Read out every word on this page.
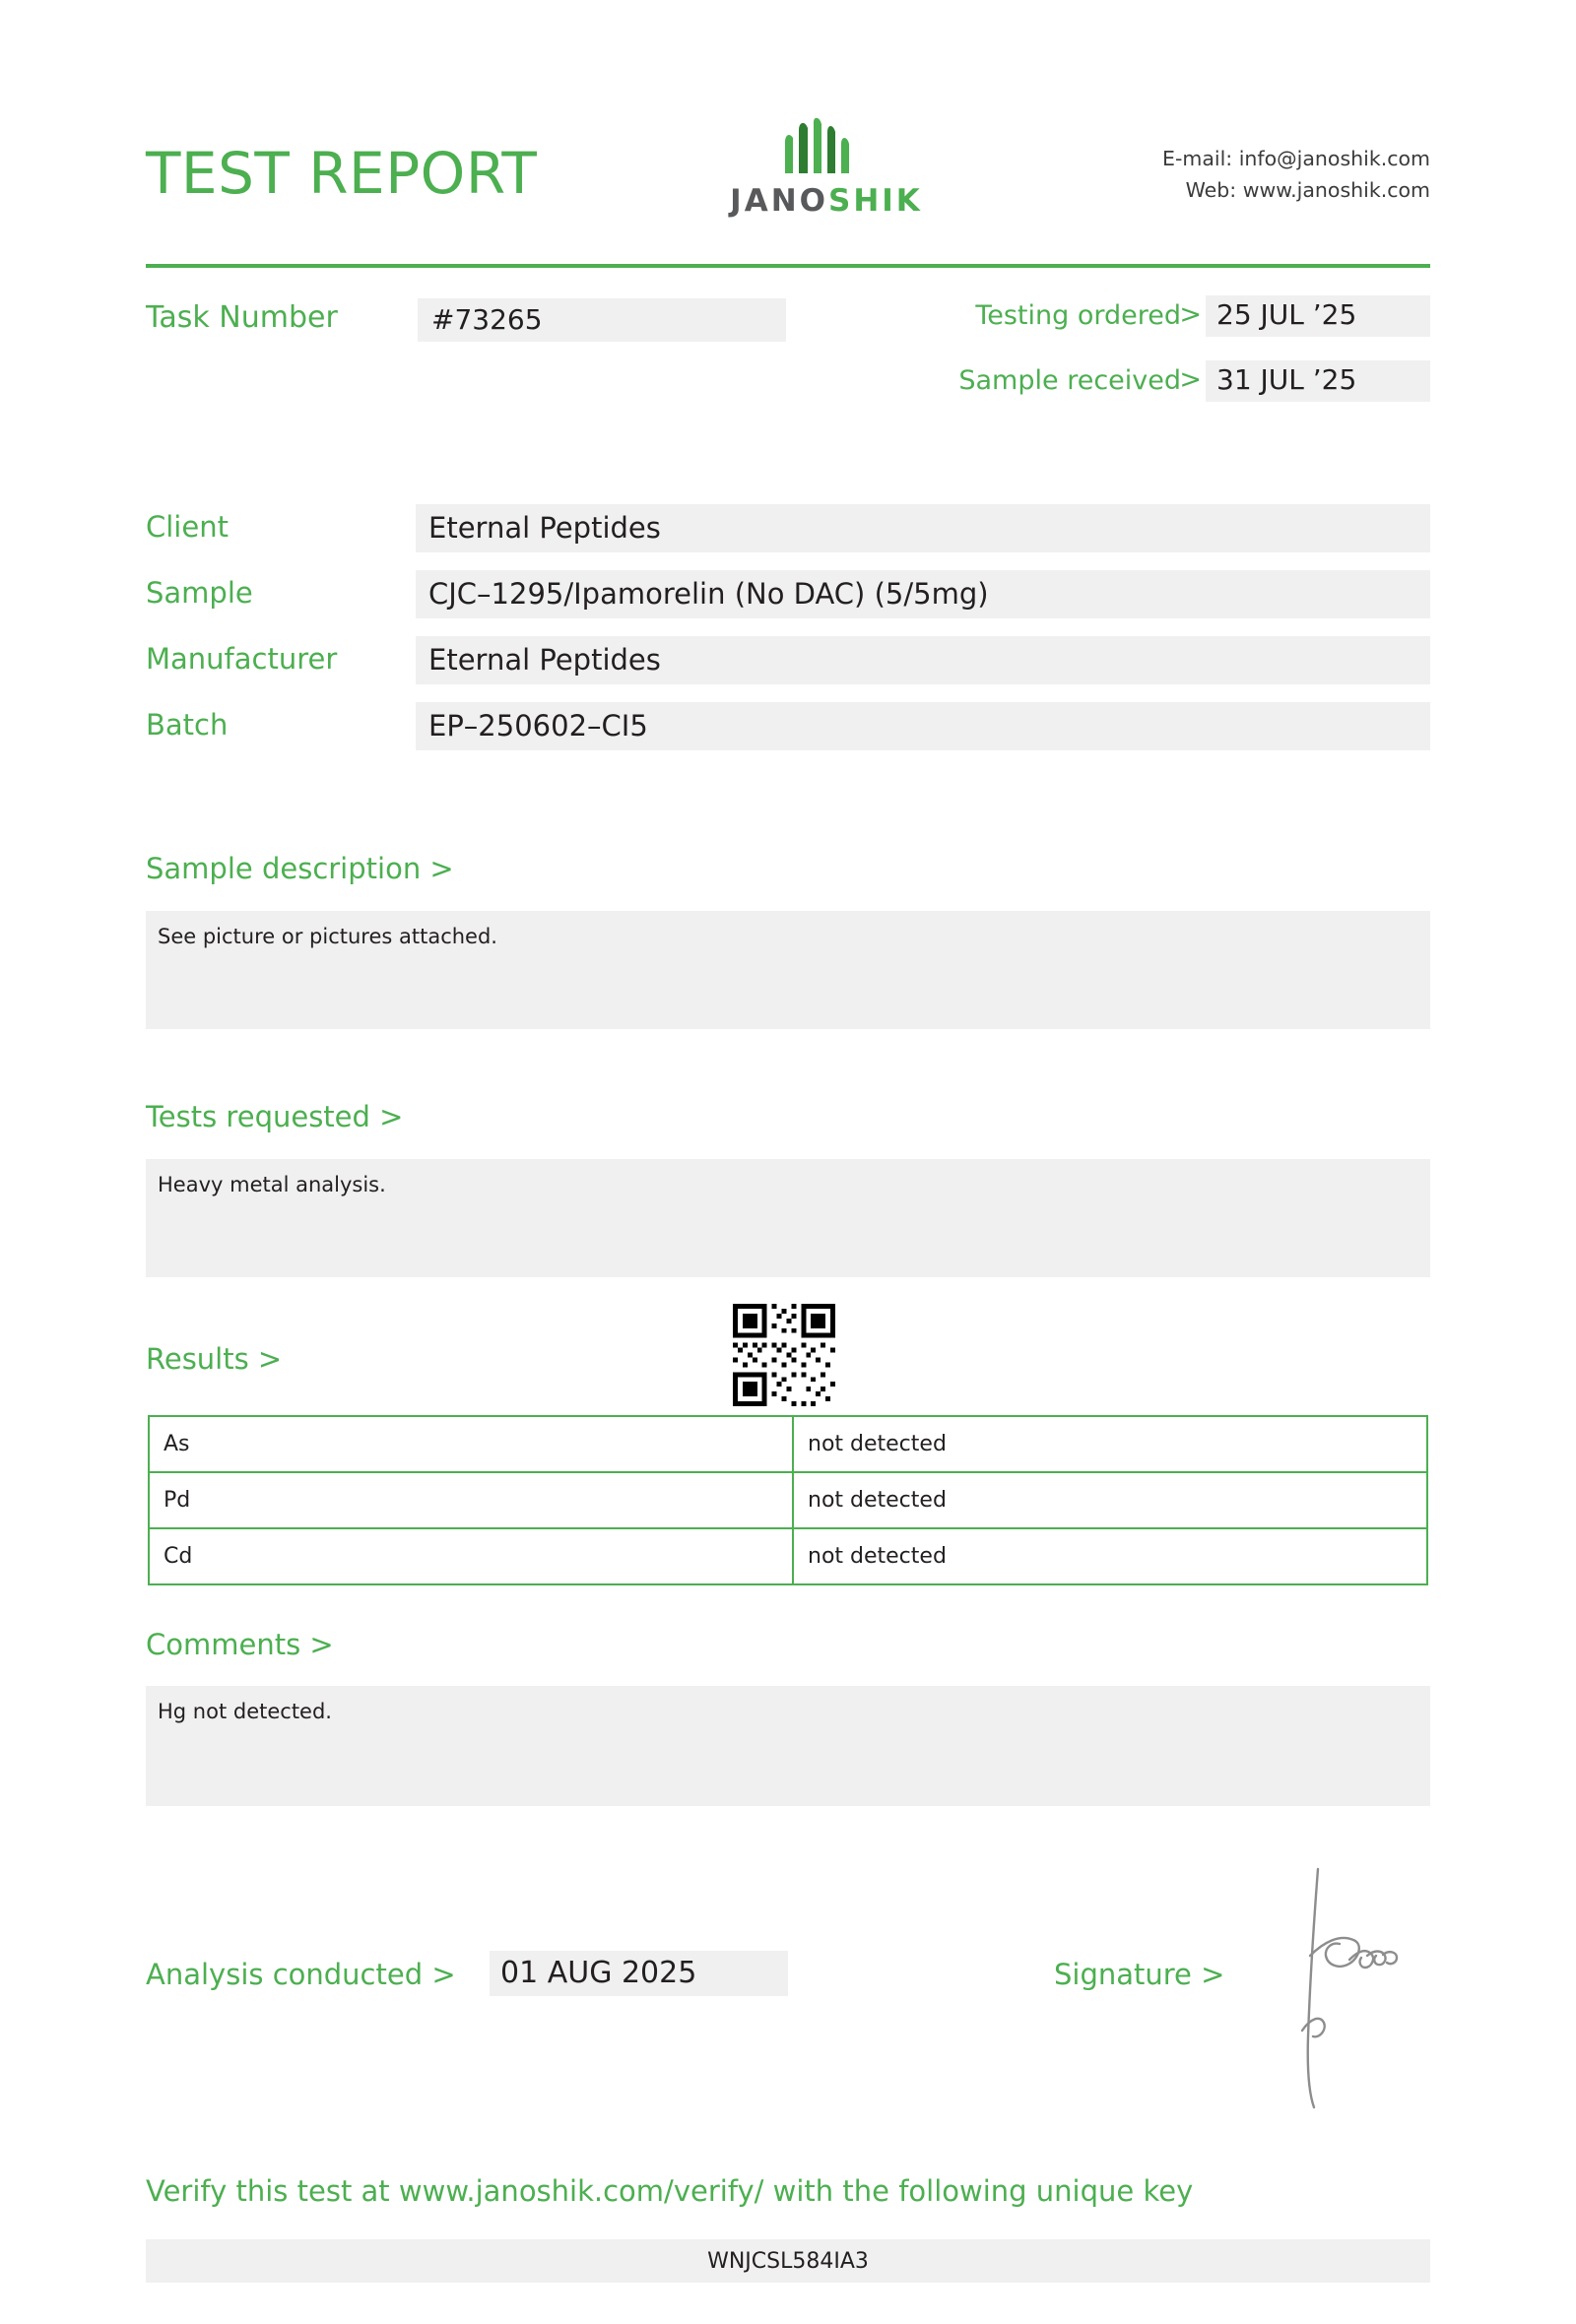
TEST REPORT	JANOSHIK
E-mail: info@janoshik.com
Web: www.janoshik.com
Task Number	#73265	Testing ordered
> 25 JUL ’25
Sample received
> 31 JUL ’25
Client	Eternal Peptides
Sample	CJC–1295/Ipamorelin (No DAC) (5/5mg)
Manufacturer	Eternal Peptides
Batch	EP–250602–CI5
Sample description >
See picture or pictures attached.
Tests requested >
Heavy metal analysis.
Results >
As	not detected
Pd	not detected
Cd	not detected
Comments >
Hg not detected.
Analysis conducted >	01 AUG 2025	Signature >
Verify this test at www.janoshik.com/verify/ with the following unique key
WNJCSL584IA3
